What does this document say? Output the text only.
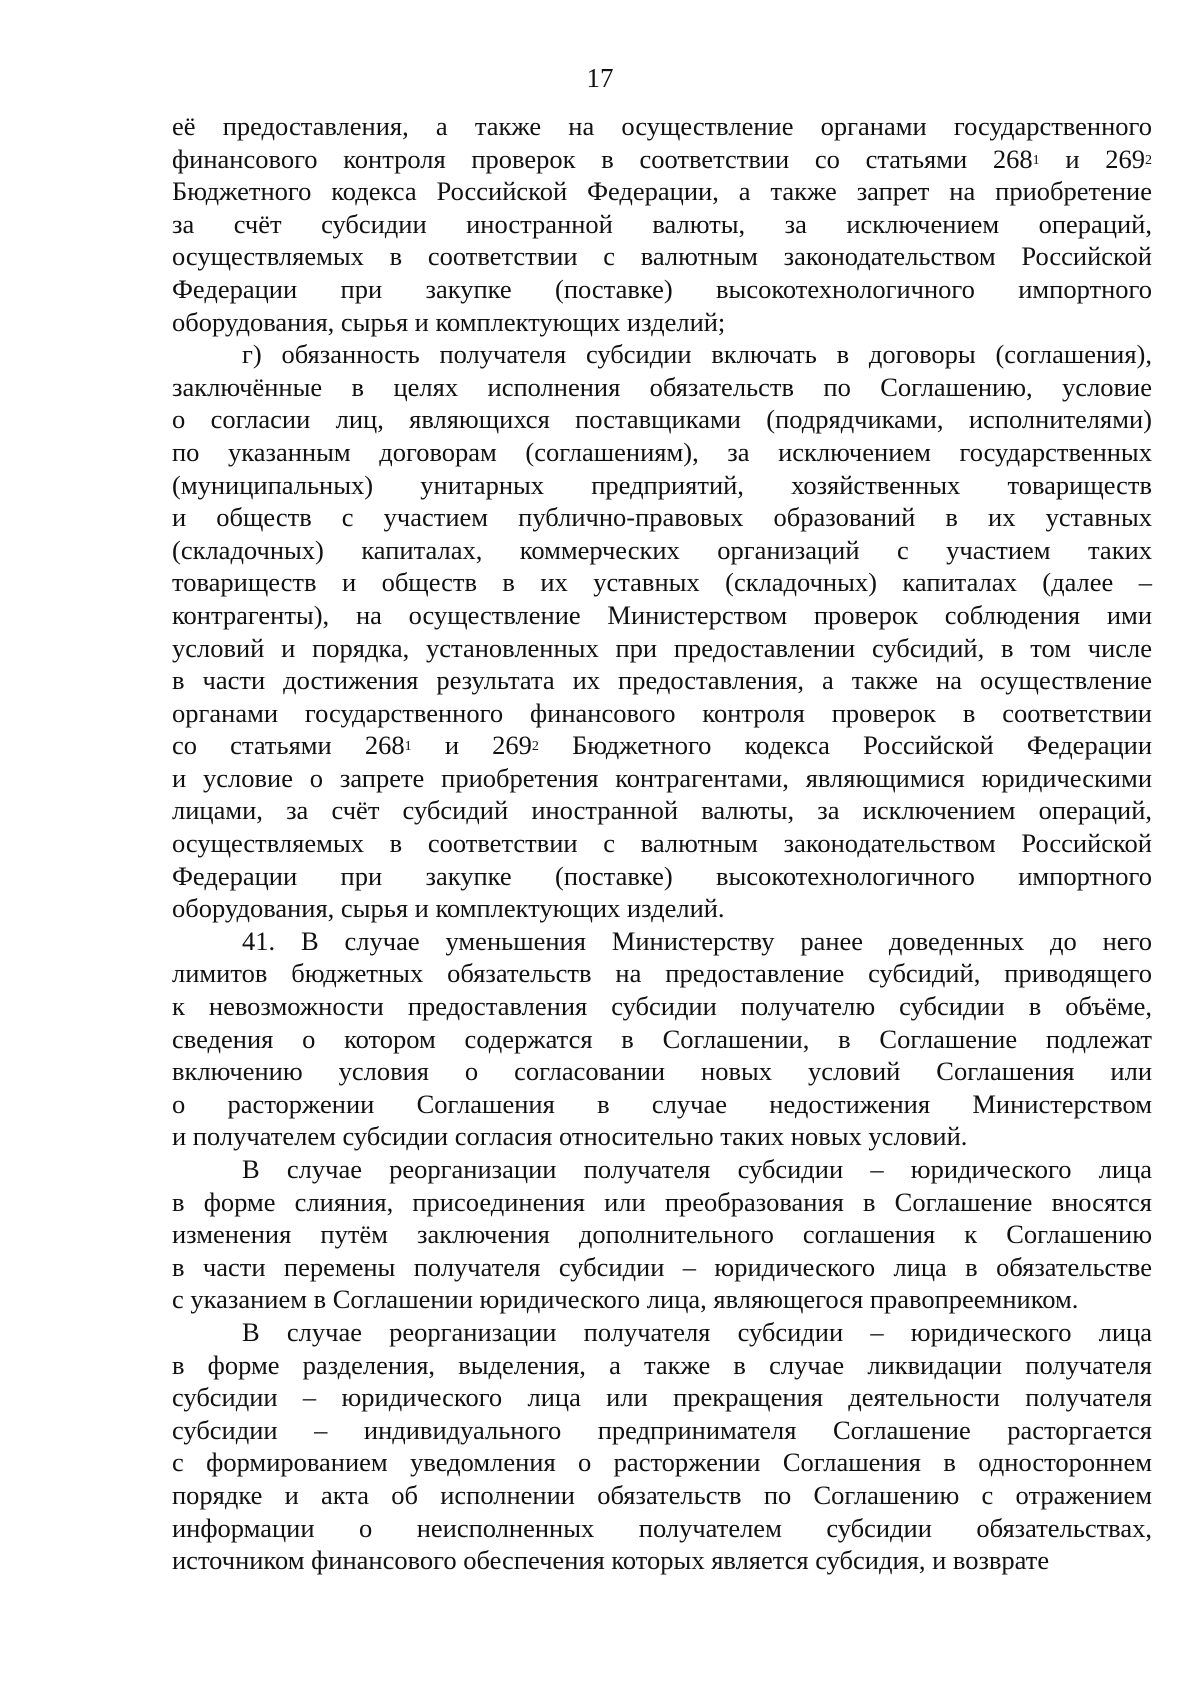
17
её предоставления, а также на осуществление органами государственного
финансового контроля проверок в соответствии со статьями $268^1$ и $269^2$
Бюджетного кодекса Российской Федерации, а также запрет на приобретение
за счёт субсидии иностранной валюты, за исключением операций,
осуществляемых в соответствии с валютным законодательством Российской
Федерации при закупке (поставке) высокотехнологичного импортного
оборудования, сырья и комплектующих изделий;
г) обязанность получателя субсидии включать в договоры (соглашения),
заключённые в целях исполнения обязательств по Соглашению, условие
о согласии лиц, являющихся поставщиками (подрядчиками, исполнителями)
по указанным договорам (соглашениям), за исключением государственных
(муниципальных) унитарных предприятий, хозяйственных товариществ
и обществ с участием публично-правовых образований в их уставных
(складочных) капиталах, коммерческих организаций с участием таких
товариществ и обществ в их уставных (складочных) капиталах (далее –
контрагенты), на осуществление Министерством проверок соблюдения ими
условий и порядка, установленных при предоставлении субсидий, в том числе
в части достижения результата их предоставления, а также на осуществление
органами государственного финансового контроля проверок в соответствии
со статьями $268^1$ и $269^2$ Бюджетного кодекса Российской Федерации
и условие о запрете приобретения контрагентами, являющимися юридическими
лицами, за счёт субсидий иностранной валюты, за исключением операций,
осуществляемых в соответствии с валютным законодательством Российской
Федерации при закупке (поставке) высокотехнологичного импортного
оборудования, сырья и комплектующих изделий.
41. В случае уменьшения Министерству ранее доведенных до него
лимитов бюджетных обязательств на предоставление субсидий, приводящего
к невозможности предоставления субсидии получателю субсидии в объёме,
сведения о котором содержатся в Соглашении, в Соглашение подлежат
включению условия о согласовании новых условий Соглашения или
о расторжении Соглашения в случае недостижения Министерством
и получателем субсидии согласия относительно таких новых условий.
В случае реорганизации получателя субсидии – юридического лица
в форме слияния, присоединения или преобразования в Соглашение вносятся
изменения путём заключения дополнительного соглашения к Соглашению
в части перемены получателя субсидии – юридического лица в обязательстве
с указанием в Соглашении юридического лица, являющегося правопреемником.
В случае реорганизации получателя субсидии – юридического лица
в форме разделения, выделения, а также в случае ликвидации получателя
субсидии – юридического лица или прекращения деятельности получателя
субсидии – индивидуального предпринимателя Соглашение расторгается
с формированием уведомления о расторжении Соглашения в одностороннем
порядке и акта об исполнении обязательств по Соглашению с отражением
информации о неисполненных получателем субсидии обязательствах,
источником финансового обеспечения которых является субсидия, и возврате
